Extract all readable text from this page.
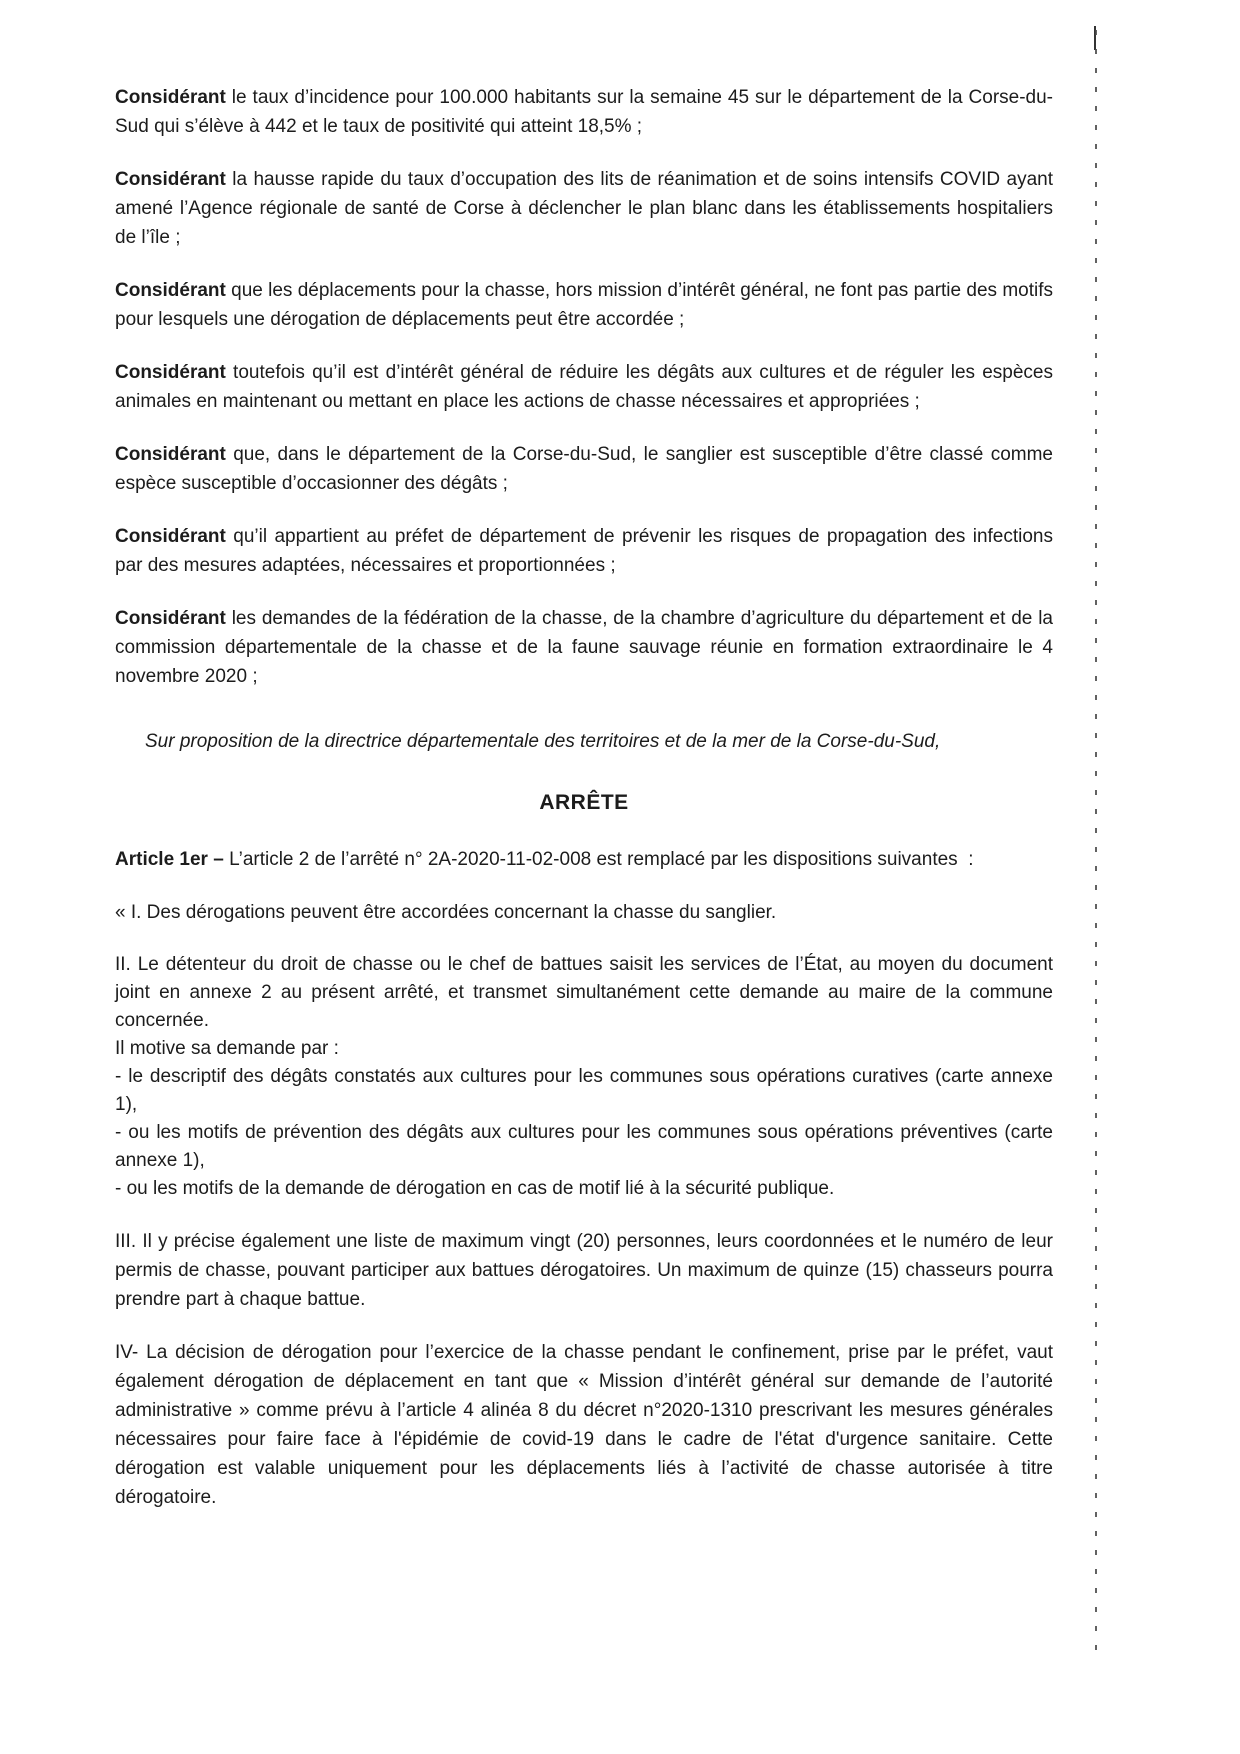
Considérant le taux d’incidence pour 100.000 habitants sur la semaine 45 sur le département de la Corse-du-Sud qui s’élève à 442 et le taux de positivité qui atteint 18,5% ;

Considérant la hausse rapide du taux d’occupation des lits de réanimation et de soins intensifs COVID ayant amené l’Agence régionale de santé de Corse à déclencher le plan blanc dans les établissements hospitaliers de l’île ;

Considérant que les déplacements pour la chasse, hors mission d’intérêt général, ne font pas partie des motifs pour lesquels une dérogation de déplacements peut être accordée ;

Considérant toutefois qu’il est d’intérêt général de réduire les dégâts aux cultures et de réguler les espèces animales en maintenant ou mettant en place les actions de chasse nécessaires et appropriées ;

Considérant que, dans le département de la Corse-du-Sud, le sanglier est susceptible d’être classé comme espèce susceptible d’occasionner des dégâts ;

Considérant qu’il appartient au préfet de département de prévenir les risques de propagation des infections par des mesures adaptées, nécessaires et proportionnées ;

Considérant les demandes de la fédération de la chasse, de la chambre d’agriculture du département et de la commission départementale de la chasse et de la faune sauvage réunie en formation extraordinaire le 4 novembre 2020 ;

Sur proposition de la directrice départementale des territoires et de la mer de la Corse-du-Sud,

ARRÊTE

Article 1er – L’article 2 de l’arrêté n° 2A-2020-11-02-008 est remplacé par les dispositions suivantes  :

« I. Des dérogations peuvent être accordées concernant la chasse du sanglier.

II. Le détenteur du droit de chasse ou le chef de battues saisit les services de l’État, au moyen du document joint en annexe 2 au présent arrêté, et transmet simultanément cette demande au maire de la commune concernée.

Il motive sa demande par :

- le descriptif des dégâts constatés aux cultures pour les communes sous opérations curatives (carte annexe 1),

- ou les motifs de prévention des dégâts aux cultures pour les communes sous opérations préventives (carte annexe 1),

- ou les motifs de la demande de dérogation en cas de motif lié à la sécurité publique.

III. Il y précise également une liste de maximum vingt (20) personnes, leurs coordonnées et le numéro de leur permis de chasse, pouvant participer aux battues dérogatoires. Un maximum de quinze (15) chasseurs pourra prendre part à chaque battue.

IV- La décision de dérogation pour l’exercice de la chasse pendant le confinement, prise par le préfet, vaut également dérogation de déplacement en tant que « Mission d’intérêt général sur demande de l’autorité administrative » comme prévu à l’article 4 alinéa 8 du décret n°2020-1310 prescrivant les mesures générales nécessaires pour faire face à l'épidémie de covid-19 dans le cadre de l'état d'urgence sanitaire. Cette dérogation est valable uniquement pour les déplacements liés à l’activité de chasse autorisée à titre dérogatoire.
